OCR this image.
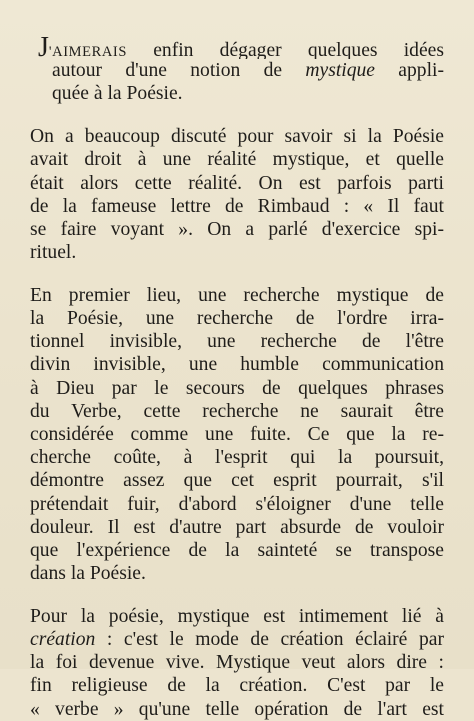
J'AIMERAIS enfin dégager quelques idées
autour d'une notion de mystique appli-
quée à la Poésie.
On a beaucoup discuté pour savoir si la Poésie
avait droit à une réalité mystique, et quelle
était alors cette réalité. On est parfois parti
de la fameuse lettre de Rimbaud : « Il faut
se faire voyant ». On a parlé d'exercice spi-
rituel.
En premier lieu, une recherche mystique de
la Poésie, une recherche de l'ordre irra-
tionnel invisible, une recherche de l'être
divin invisible, une humble communication
à Dieu par le secours de quelques phrases
du Verbe, cette recherche ne saurait être
considérée comme une fuite. Ce que la re-
cherche coûte, à l'esprit qui la poursuit,
démontre assez que cet esprit pourrait, s'il
prétendait fuir, d'abord s'éloigner d'une telle
douleur. Il est d'autre part absurde de vouloir
que l'expérience de la sainteté se transpose
dans la Poésie.
Pour la poésie, mystique est intimement lié à
création : c'est le mode de création éclairé par
la foi devenue vive. Mystique veut alors dire :
fin religieuse de la création. C'est par le
« verbe » qu'une telle opération de l'art est
